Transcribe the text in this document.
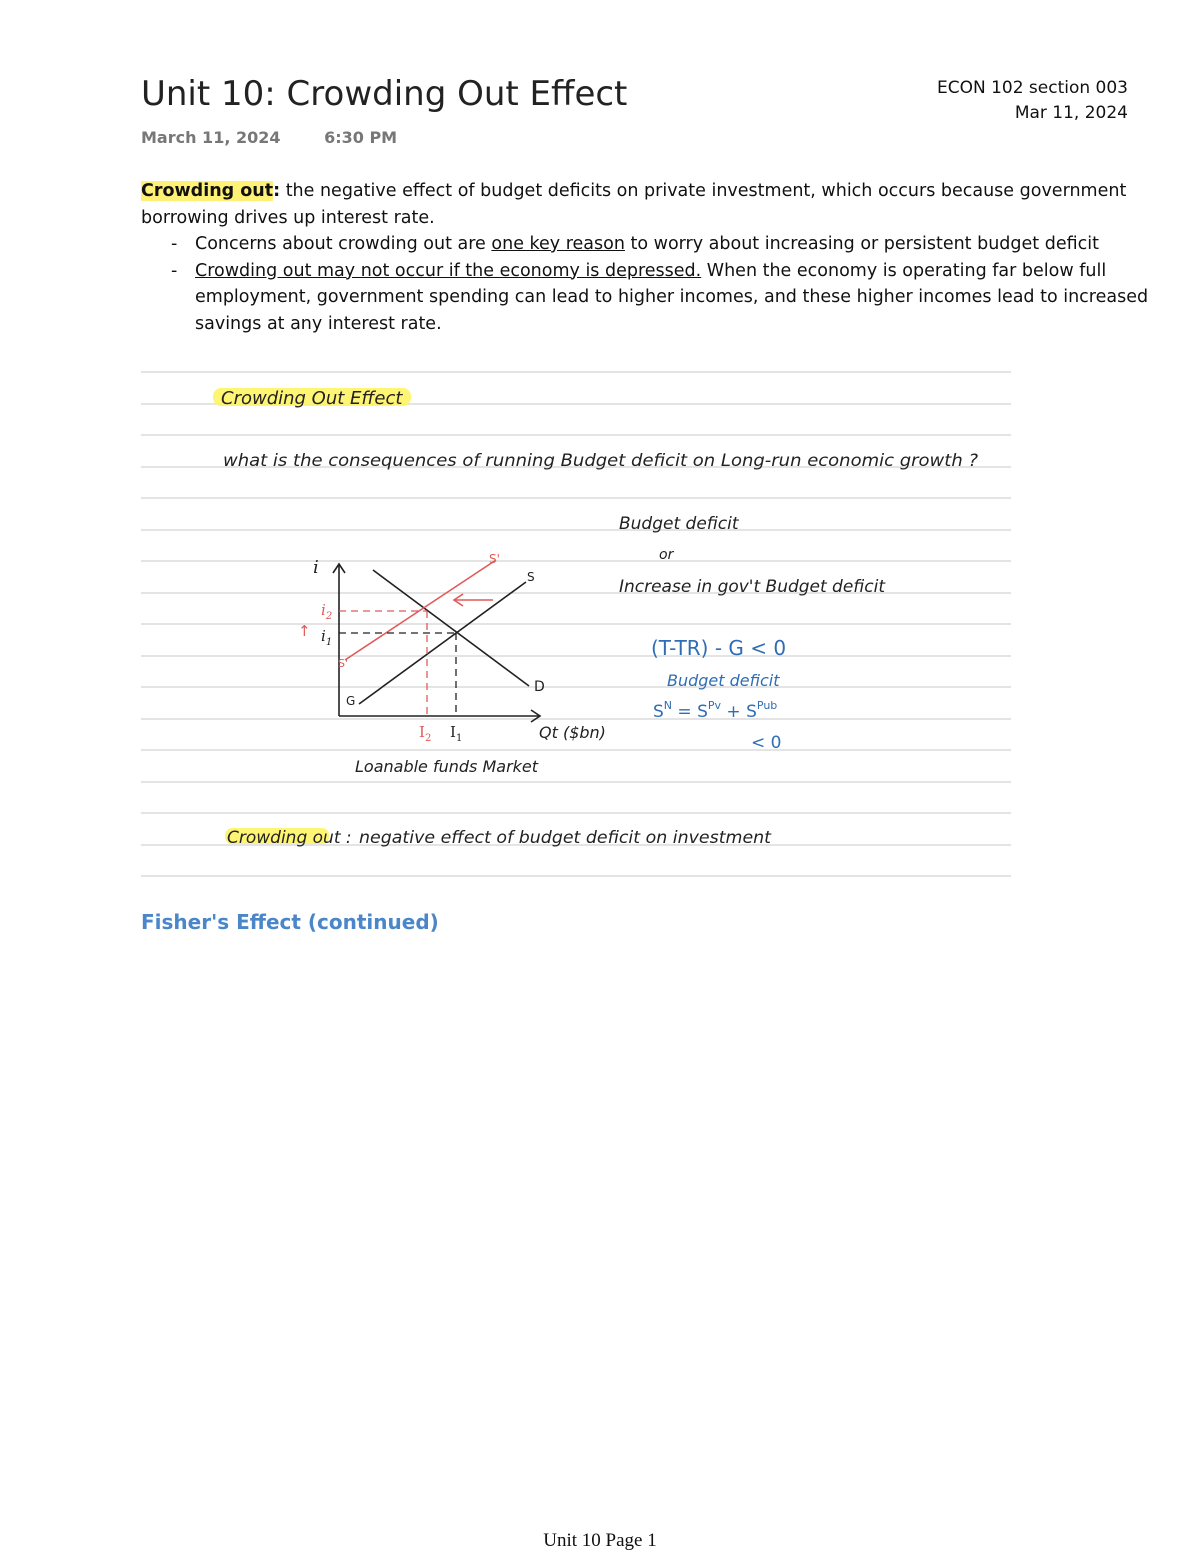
Unit 10: Crowding Out Effect	ECON 102 section 003
Mar 11, 2024
March 11, 2024	6:30 PM
Crowding out: the negative effect of budget deficits on private investment, which occurs because government borrowing drives up interest rate.
- Concerns about crowding out are one key reason to worry about increasing or persistent budget deficit
- Crowding out may not occur if the economy is depressed. When the economy is operating far below full employment, government spending can lead to higher incomes, and these higher incomes lead to increased savings at any interest rate.
Crowding Out Effect
what is the consequences of running Budget deficit on Long-run economic growth ?
Budget deficit
or
Increase in gov't Budget deficit
(T-TR) - G < 0
Budget deficit
$S^N = S^{Pv} + S^{Pub}$
< 0
i
Qt ($bn)
D
S
G
S'
S'
$i_1$
$i_2$
↑
$I_2$ $I_1$
Loanable funds Market
Crowding out : negative effect of budget deficit on investment
Fisher's Effect (continued)
Unit 10 Page 1
